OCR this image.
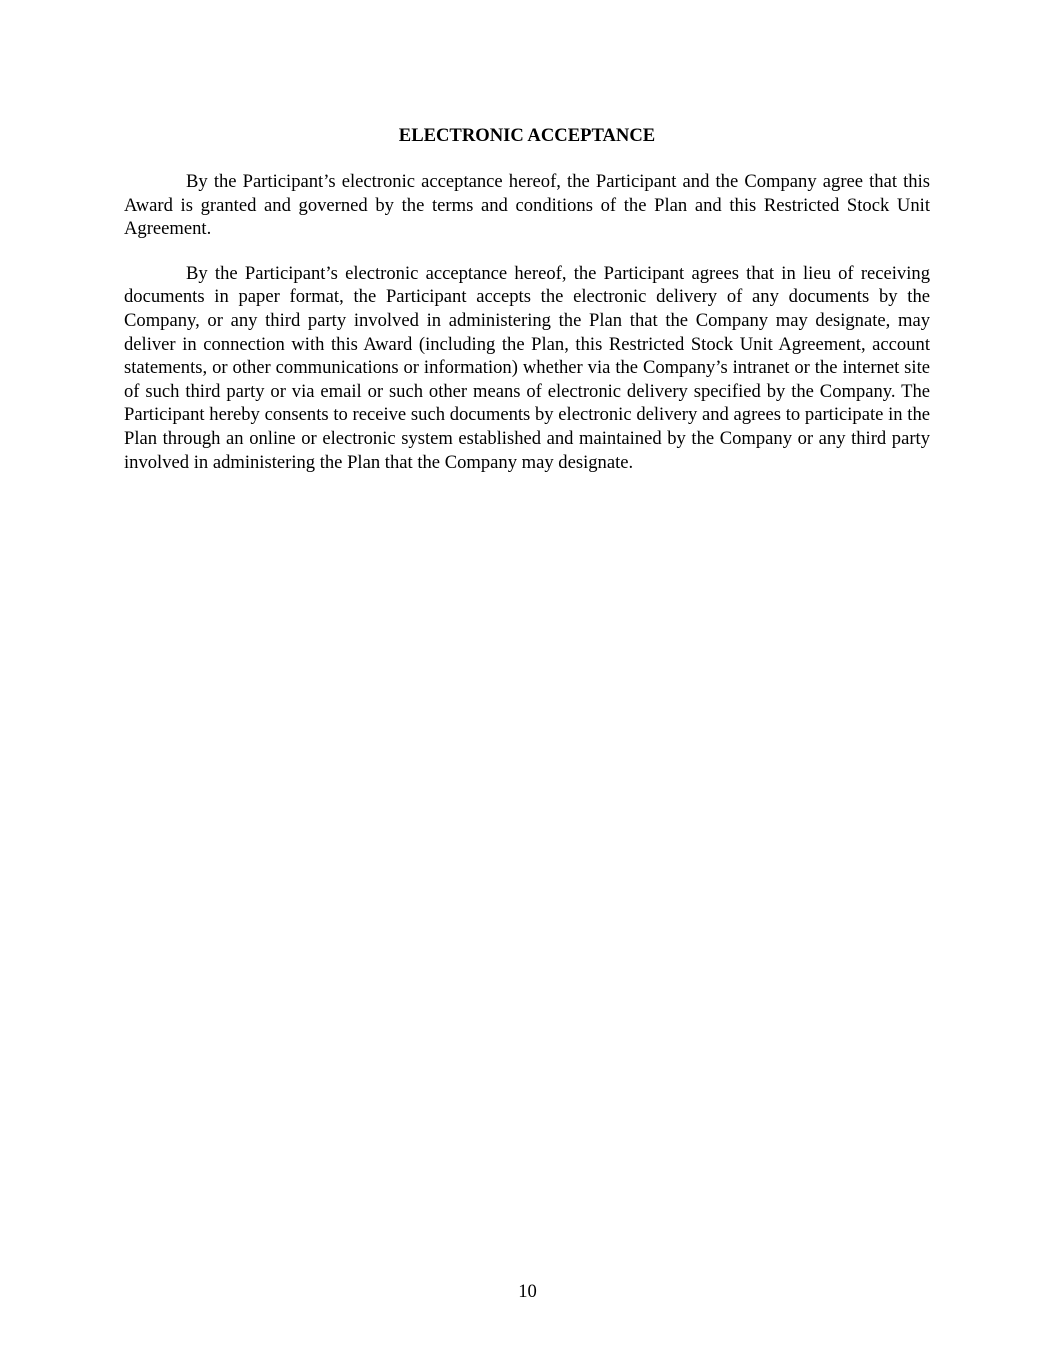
ELECTRONIC ACCEPTANCE

By the Participant’s electronic acceptance hereof, the Participant and the Company agree that this Award is granted and governed by the terms and conditions of the Plan and this Restricted Stock Unit Agreement.

By the Participant’s electronic acceptance hereof, the Participant agrees that in lieu of receiving documents in paper format, the Participant accepts the electronic delivery of any documents by the Company, or any third party involved in administering the Plan that the Company may designate, may deliver in connection with this Award (including the Plan, this Restricted Stock Unit Agreement, account statements, or other communications or information) whether via the Company’s intranet or the internet site of such third party or via email or such other means of electronic delivery specified by the Company. The Participant hereby consents to receive such documents by electronic delivery and agrees to participate in the Plan through an online or electronic system established and maintained by the Company or any third party involved in administering the Plan that the Company may designate.

10
